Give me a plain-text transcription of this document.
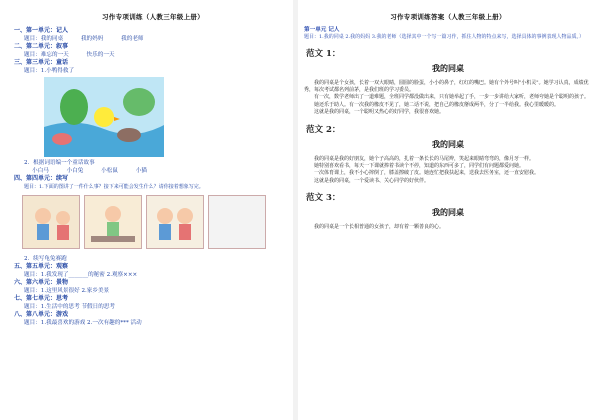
习作专项训练（人教三年级上册）
一、第一单元：记人
题目：我的同桌	我的妈妈	我的老师
二、第二单元：叙事
题目：难忘的一天	快乐的一天
三、第三单元：童话
题目：1.小鸭得救了
2．根据词语编一个童话故事
小白马	小白兔	小松鼠	小猫
四、第四单元：续写
题目：1.下面的图讲了一件什么事？接下来可能会发生什么？请你接着想象写完。
2．续写龟兔赛跑
五、第五单元：观察
题目：1.我发现了_______的秘密 2.观察×××
六、第六单元：景物
题目：1.这里风景很好 2.家乡美景
七、第七单元：思考
题目：1.生活中的思考 节假日的思考
八、第八单元：游戏
题目：1.我最喜欢的游戏 2.一次有趣的*** 活动
习作专项训练答案（人教三年级上册）
第一单元 记人
题目：1.我的同桌 2.我的妈妈 3.我的老师（选择其中一个写一篇习作，抓住人物的特点来写，选择具体的事例表现人物品质。）
范文 1：
我的同桌

我的同桌是个女孩，长着一双大眼睛，圆圆的脸蛋，小小的鼻子，红红的嘴巴。她有个外号叫"小机灵"。她学习认真，成绩优秀，每次考试都名列前茅，是我们班的学习委员。

有一次，数学老师出了一道难题，全班同学都没做出来，只有她举起了手，一步一步讲给大家听，老师夸她是个聪明的孩子。

她还乐于助人。有一次我的橡皮不见了，她二话不说，把自己的橡皮掰成两半，分了一半给我。我心里暖暖的。

这就是我的同桌，一个聪明又热心的好同学，我很喜欢她。

范文 2：
我的同桌

我的同桌是我的好朋友，她个子高高的，扎着一条长长的马尾辫，笑起来眼睛弯弯的，像月牙一样。

她特别喜欢看书，每天一下课就捧着书读个不停，知道的东西可多了，同学们有问题都爱问她。

一次体育课上，我不小心摔倒了，膝盖擦破了皮。她连忙把我扶起来，送我去医务室，还一直安慰我。

这就是我的同桌，一个爱读书、关心同学的好伙伴。

范文 3：
我的同桌

我的同桌是一个长相普通的女孩子，却有着一颗善良的心。
